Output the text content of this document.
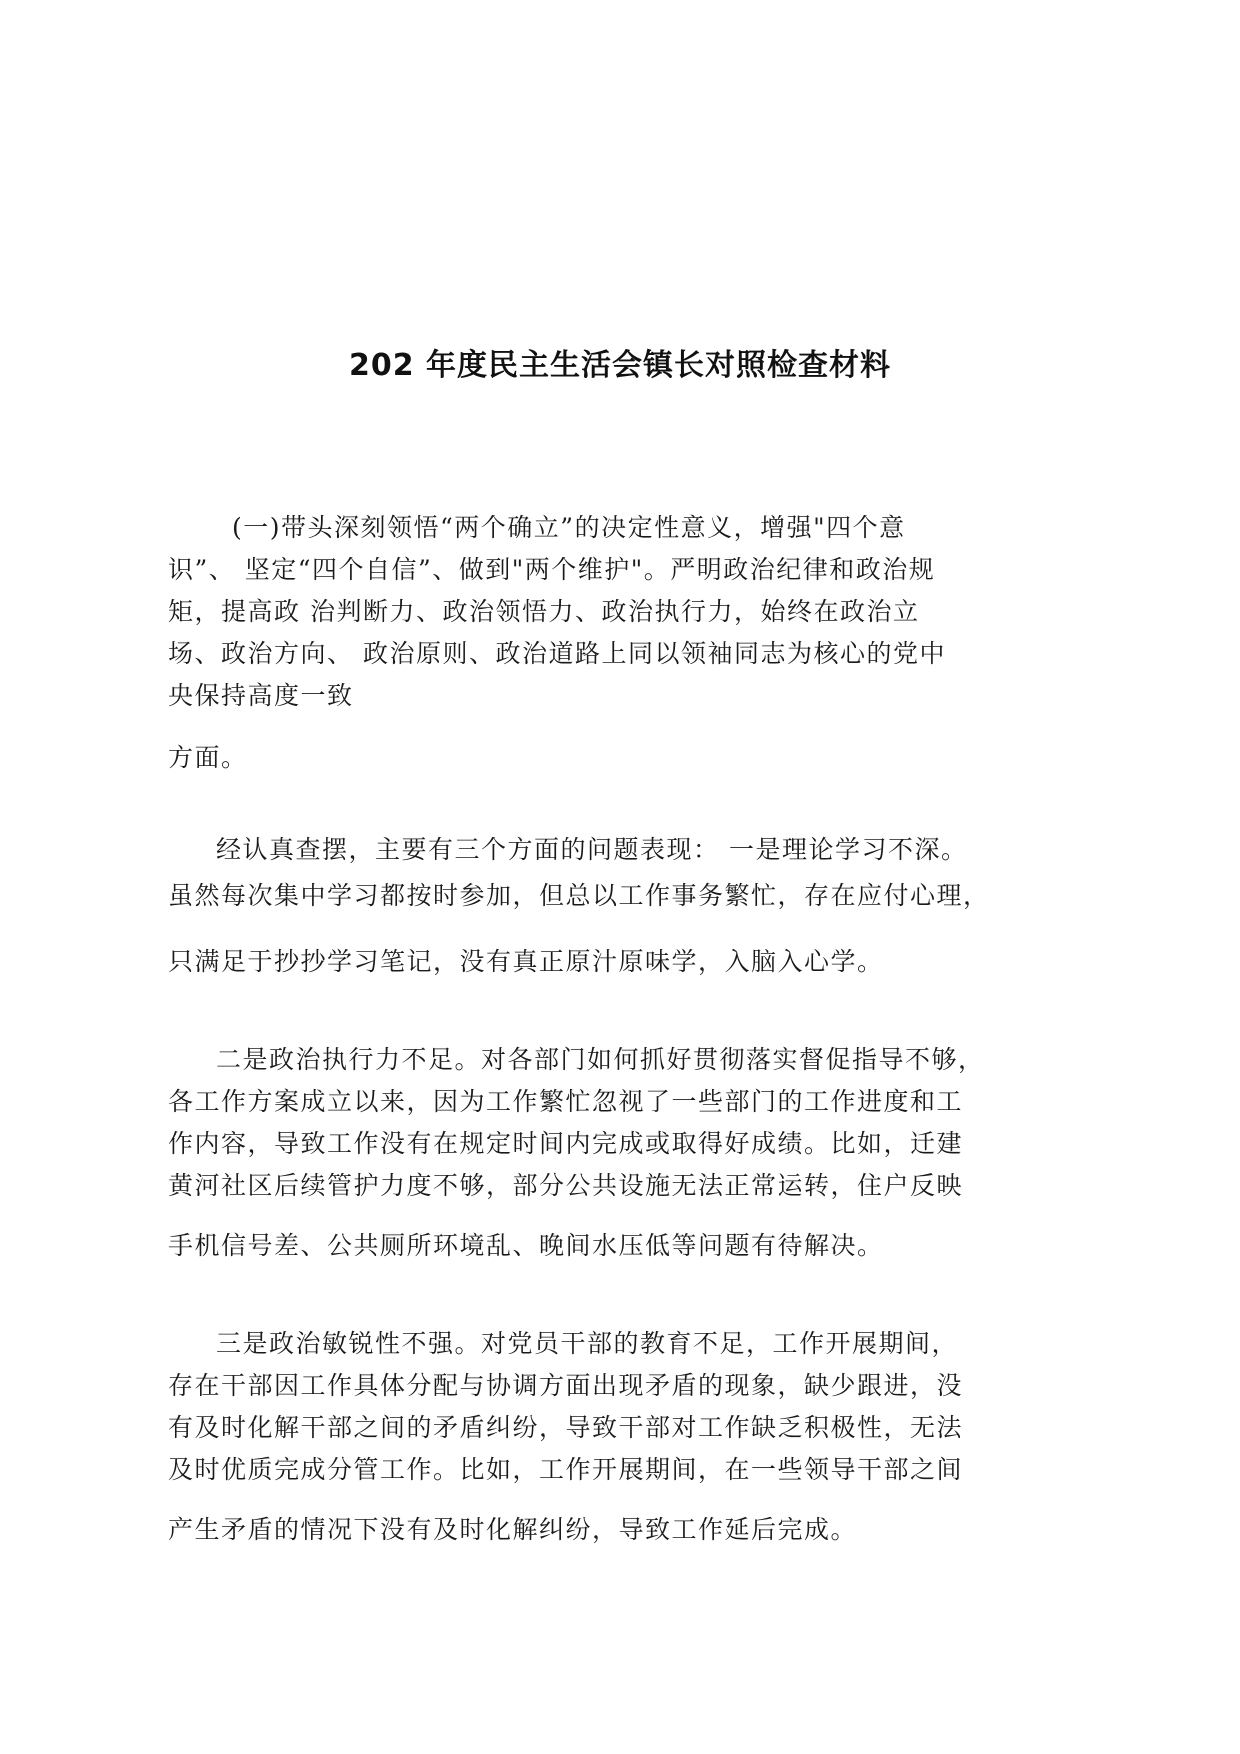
202 年度民主生活会镇长对照检查材料
(一)带头深刻领悟“两个确立”的决定性意义，增强"四个意
识”、 坚定“四个自信”、做到"两个维护"。严明政治纪律和政治规
矩，提高政 治判断力、政治领悟力、政治执行力，始终在政治立
场、政治方向、 政治原则、政治道路上同以领袖同志为核心的党中
央保持高度一致
方面。
经认真查摆，主要有三个方面的问题表现： 一是理论学习不深。
虽然每次集中学习都按时参加，但总以工作事务繁忙，存在应付心理，
只满足于抄抄学习笔记，没有真正原汁原味学，入脑入心学。
二是政治执行力不足。对各部门如何抓好贯彻落实督促指导不够，
各工作方案成立以来，因为工作繁忙忽视了一些部门的工作进度和工
作内容，导致工作没有在规定时间内完成或取得好成绩。比如，迁建
黄河社区后续管护力度不够，部分公共设施无法正常运转，住户反映
手机信号差、公共厕所环境乱、晚间水压低等问题有待解决。
三是政治敏锐性不强。对党员干部的教育不足，工作开展期间，
存在干部因工作具体分配与协调方面出现矛盾的现象，缺少跟进，没
有及时化解干部之间的矛盾纠纷，导致干部对工作缺乏积极性，无法
及时优质完成分管工作。比如，工作开展期间，在一些领导干部之间
产生矛盾的情况下没有及时化解纠纷，导致工作延后完成。
